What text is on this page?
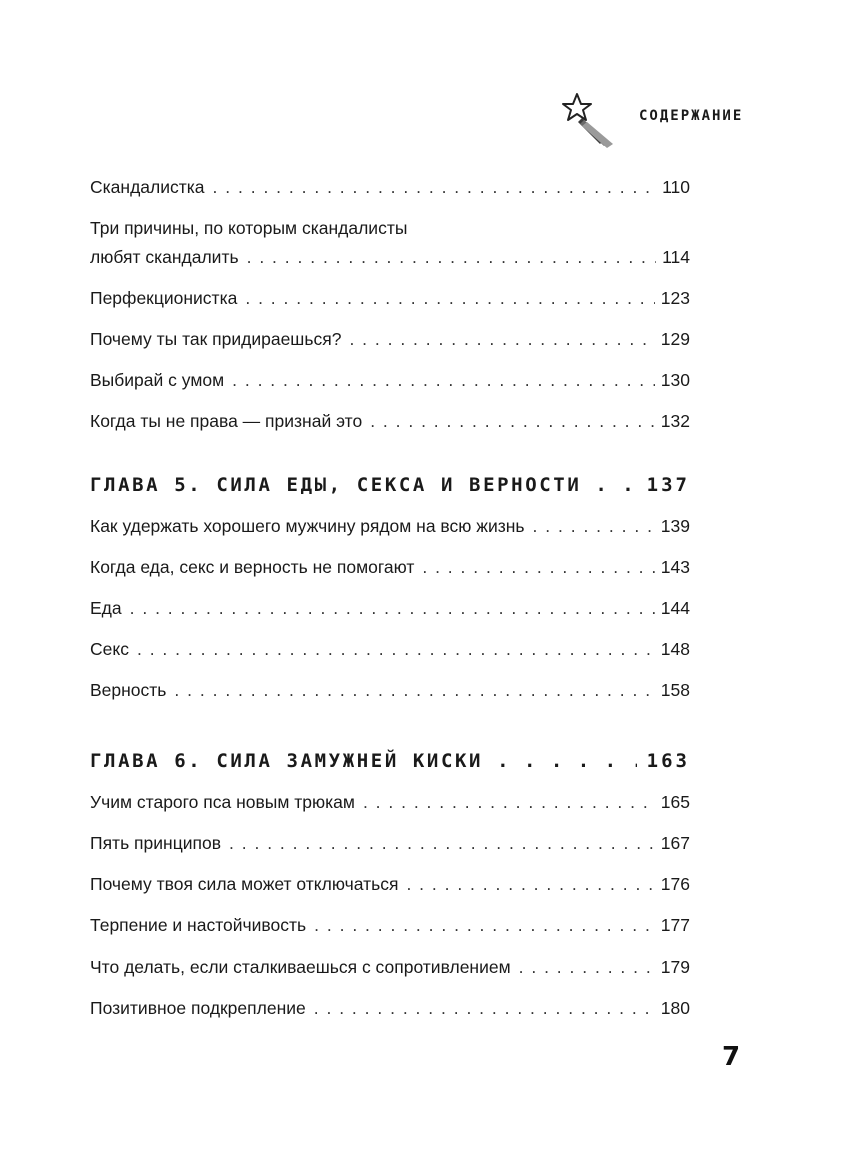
СОДЕРЖАНИЕ
Скандалистка . . .	110
Три причины, по которым скандалисты
любят скандалить . . .	114
Перфекционистка . . .	123
Почему ты так придираешься? . . .	129
Выбирай с умом . . .	130
Когда ты не права — признай это . . .	132
ГЛАВА 5. СИЛА ЕДЫ, СЕКСА И ВЕРНОСТИ . . .	137
Как удержать хорошего мужчину рядом на всю жизнь . . .	139
Когда еда, секс и верность не помогают . . .	143
Еда . . .	144
Секс . . .	148
Верность . . .	158
ГЛАВА 6. СИЛА ЗАМУЖНЕЙ КИСКИ . . .	163
Учим старого пса новым трюкам . . .	165
Пять принципов . . .	167
Почему твоя сила может отключаться . . .	176
Терпение и настойчивость . . .	177
Что делать, если сталкиваешься с сопротивлением . . .	179
Позитивное подкрепление . . .	180
7
